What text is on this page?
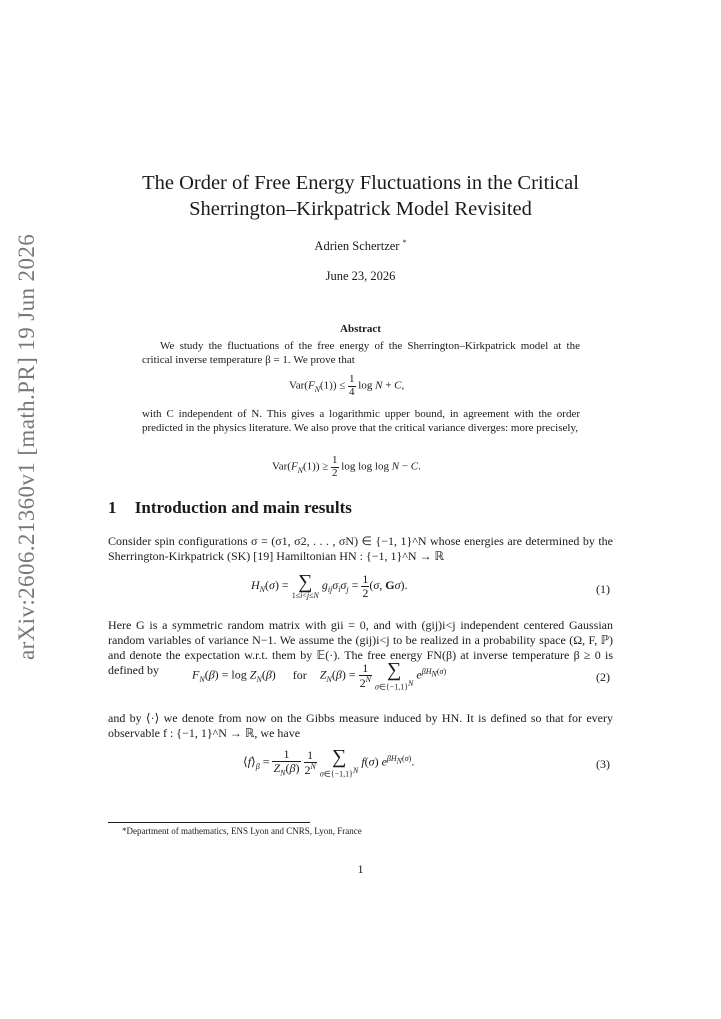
arXiv:2606.21360v1 [math.PR] 19 Jun 2026
The Order of Free Energy Fluctuations in the Critical
Sherrington–Kirkpatrick Model Revisited
Adrien Schertzer *
June 23, 2026
Abstract
We study the fluctuations of the free energy of the Sherrington–Kirkpatrick model at the critical inverse temperature β = 1. We prove that
$Var(F_N(1)) \le \frac{1}{4}$ log N + C,
with C independent of N. This gives a logarithmic upper bound, in agreement with the order predicted in the physics literature. We also prove that the critical variance diverges: more precisely,
$Var(F_N(1)) \ge \frac{1}{2}$ log log log N − C.
1 Introduction and main results
Consider spin configurations σ = (σ1, σ2, . . . , σN) ∈ {−1, 1}^N whose energies are determined by the Sherrington-Kirkpatrick (SK) [19] Hamiltonian HN : {−1, 1}^N → ℝ
$H_N(\sigma)$ = ∑
1≤i<j≤N
$g_{ij}\sigma_i\sigma_j = \frac{1}{2} (\sigma$, Gσ).	(1)
Here G is a symmetric random matrix with gii = 0, and with (gij)i<j independent centered Gaussian random variables of variance N−1. We assume the (gij)i<j to be realized in a probability space (Ω, F, ℙ) and denote the expectation w.r.t. them by 𝔼(·). The free energy FN(β) at inverse temperature β ≥ 0 is defined by	$F_N(\beta) = \log Z_N(\beta)$ for $Z_N(\beta) = \frac{1}{2^N}$
∑
$\sigma\in\{-1,1\}^N$
$e^{\beta H_N(\sigma)}$	(2)
and by ⟨·⟩ we denote from now on the Gibbs measure induced by HN. It is defined so that for every observable f : {−1, 1}^N → ℝ, we have
$⟨f⟩_\beta = \frac{1}{Z_N(\beta)}$
$\frac{1}{2^N}$
∑
$\sigma\in\{-1,1\}^N$
f(σ) $e^{\beta H_N(\sigma)}$.	(3)
*Department of mathematics, ENS Lyon and CNRS, Lyon, France
1
